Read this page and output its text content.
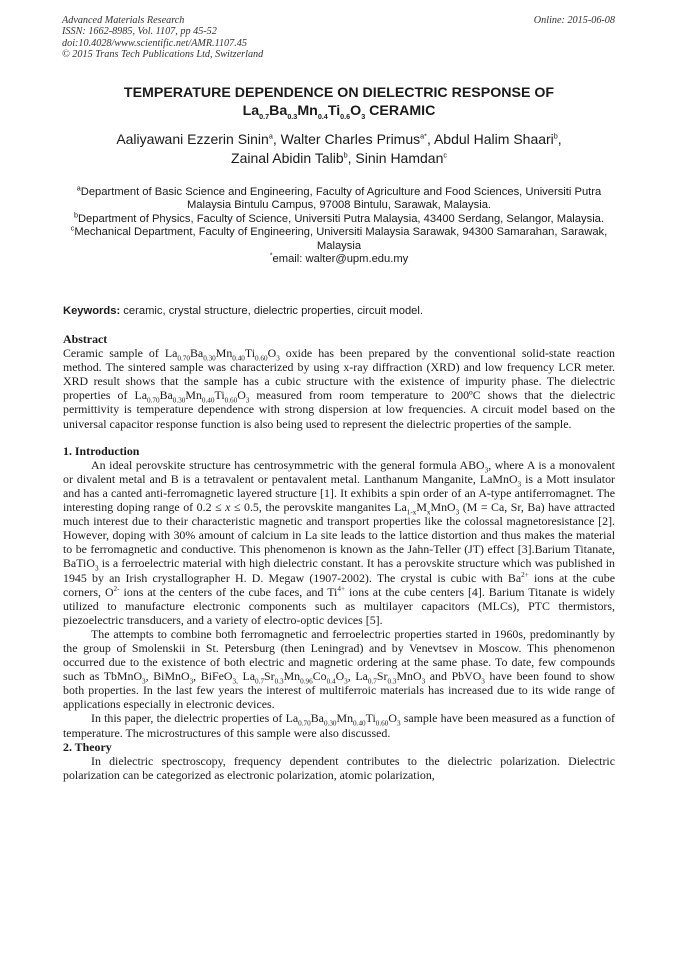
Advanced Materials Research
ISSN: 1662-8985, Vol. 1107, pp 45-52
doi:10.4028/www.scientific.net/AMR.1107.45
© 2015 Trans Tech Publications Ltd, Switzerland
Online: 2015-06-08
TEMPERATURE DEPENDENCE ON DIELECTRIC RESPONSE OF
$La_{0.7}Ba_{0.3}Mn_{0.4}Ti_{0.6}O_3$ CERAMIC
Aaliyawani Ezzerin Sinin$^a$, Walter Charles Primus$^{a*}$, Abdul Halim Shaari$^b$,
Zainal Abidin Talib$^b$, Sinin Hamdan$^c$
$^a$Department of Basic Science and Engineering, Faculty of Agriculture and Food Sciences, Universiti Putra Malaysia Bintulu Campus, 97008 Bintulu, Sarawak, Malaysia.
$^b$Department of Physics, Faculty of Science, Universiti Putra Malaysia, 43400 Serdang, Selangor, Malaysia.
$^c$Mechanical Department, Faculty of Engineering, Universiti Malaysia Sarawak, 94300 Samarahan, Sarawak, Malaysia
*email: walter@upm.edu.my
Keywords: ceramic, crystal structure, dielectric properties, circuit model.
Abstract

Ceramic sample of $La_{0.70}Ba_{0.30}Mn_{0.40}Ti_{0.60}O_3$ oxide has been prepared by the conventional solid-state reaction method. The sintered sample was characterized by using x-ray diffraction (XRD) and low frequency LCR meter. XRD result shows that the sample has a cubic structure with the existence of impurity phase. The dielectric properties of $La_{0.70}Ba_{0.30}Mn_{0.40}Ti_{0.60}O_3$ measured from room temperature to 200ºC shows that the dielectric permittivity is temperature dependence with strong dispersion at low frequencies. A circuit model based on the universal capacitor response function is also being used to represent the dielectric properties of the sample.

1. Introduction

An ideal perovskite structure has centrosymmetric with the general formula $ABO_3$, where A is a monovalent or divalent metal and B is a tetravalent or pentavalent metal. Lanthanum Manganite, LaMnO$_3$ is a Mott insulator and has a canted anti-ferromagnetic layered structure [1]. It exhibits a spin order of an A-type antiferromagnet. The interesting doping range of 0.2 ≤ x ≤ 0.5, the perovskite manganites $La_{1-x}M_xMnO_3$ (M = Ca, Sr, Ba) have attracted much interest due to their characteristic magnetic and transport properties like the colossal magnetoresistance [2]. However, doping with 30% amount of calcium in La site leads to the lattice distortion and thus makes the material to be ferromagnetic and conductive. This phenomenon is known as the Jahn-Teller (JT) effect [3].Barium Titanate, BaTiO$_3$ is a ferroelectric material with high dielectric constant. It has a perovskite structure which was published in 1945 by an Irish crystallographer H. D. Megaw (1907-2002). The crystal is cubic with $Ba^{2+}$ ions at the cube corners, $O^{2-}$ ions at the centers of the cube faces, and $Ti^{4+}$ ions at the cube centers [4]. Barium Titanate is widely utilized to manufacture electronic components such as multilayer capacitors (MLCs), PTC thermistors, piezoelectric transducers, and a variety of electro-optic devices [5].

The attempts to combine both ferromagnetic and ferroelectric properties started in 1960s, predominantly by the group of Smolenskii in St. Petersburg (then Leningrad) and by Venevtsev in Moscow. This phenomenon occurred due to the existence of both electric and magnetic ordering at the same phase. To date, few compounds such as TbMnO$_3$, BiMnO$_3$, BiFeO$_{3,}$ $La_{0.7}Sr_{0.3}Mn_{0.96}Co_{0.4}O_3$, $La_{0.7}Sr_{0.3}MnO_3$ and PbVO$_3$ have been found to show both properties. In the last few years the interest of multiferroic materials has increased due to its wide range of applications especially in electronic devices.

In this paper, the dielectric properties of $La_{0.70}Ba_{0.30}Mn_{0.40}Ti_{0.60}O_3$ sample have been measured as a function of temperature. The microstructures of this sample were also discussed.

2. Theory

In dielectric spectroscopy, frequency dependent contributes to the dielectric polarization. Dielectric polarization can be categorized as electronic polarization, atomic polarization,
